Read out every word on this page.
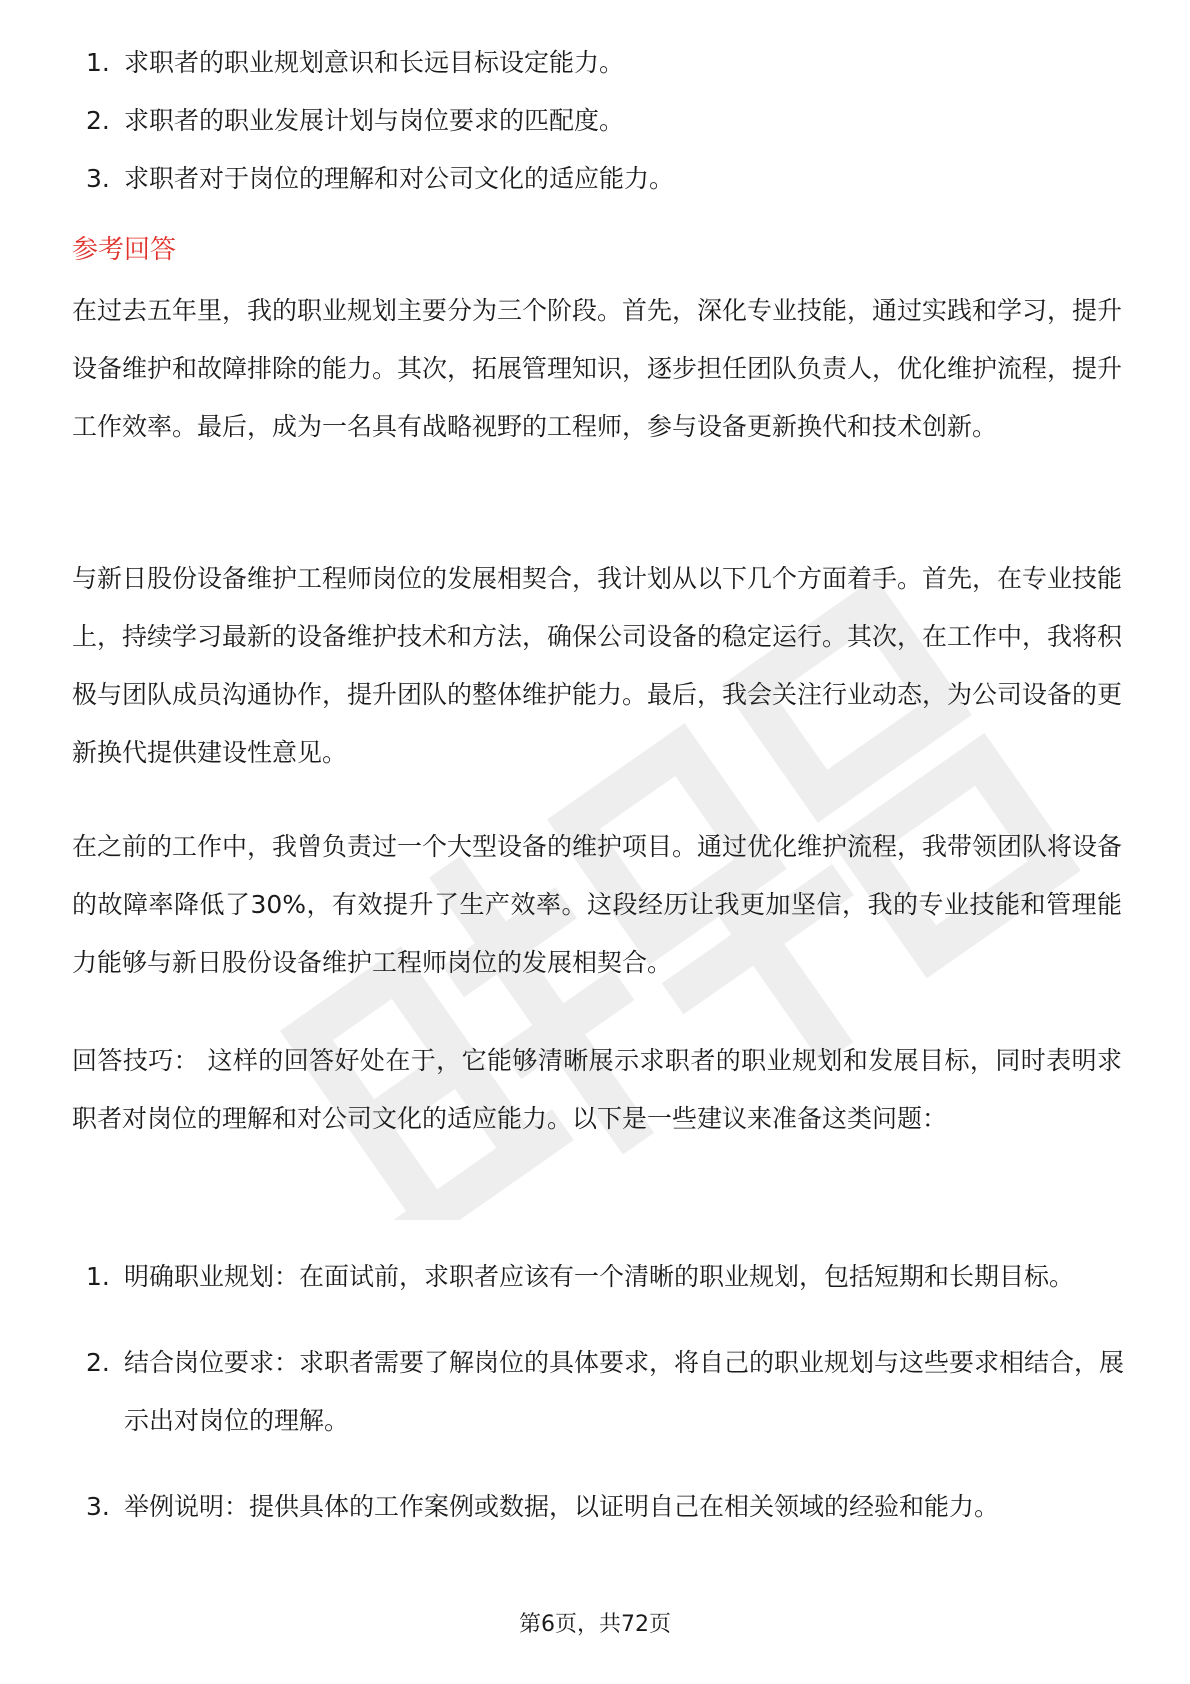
1. 求职者的职业规划意识和长远目标设定能力。
2. 求职者的职业发展计划与岗位要求的匹配度。
3. 求职者对于岗位的理解和对公司文化的适应能力。
参考回答

在过去五年里，我的职业规划主要分为三个阶段。首先，深化专业技能，通过实践和学习，提升设备维护和故障排除的能力。其次，拓展管理知识，逐步担任团队负责人，优化维护流程，提升工作效率。最后，成为一名具有战略视野的工程师，参与设备更新换代和技术创新。

与新日股份设备维护工程师岗位的发展相契合，我计划从以下几个方面着手。首先，在专业技能上，持续学习最新的设备维护技术和方法，确保公司设备的稳定运行。其次，在工作中，我将积极与团队成员沟通协作，提升团队的整体维护能力。最后，我会关注行业动态，为公司设备的更新换代提供建设性意见。

在之前的工作中，我曾负责过一个大型设备的维护项目。通过优化维护流程，我带领团队将设备的故障率降低了30%，有效提升了生产效率。这段经历让我更加坚信，我的专业技能和管理能力能够与新日股份设备维护工程师岗位的发展相契合。

回答技巧： 这样的回答好处在于，它能够清晰展示求职者的职业规划和发展目标，同时表明求职者对岗位的理解和对公司文化的适应能力。以下是一些建议来准备这类问题：

1. 明确职业规划：在面试前，求职者应该有一个清晰的职业规划，包括短期和长期目标。
2. 结合岗位要求：求职者需要了解岗位的具体要求，将自己的职业规划与这些要求相结合，展示出对岗位的理解。
3. 举例说明：提供具体的工作案例或数据，以证明自己在相关领域的经验和能力。
第6页，共72页
